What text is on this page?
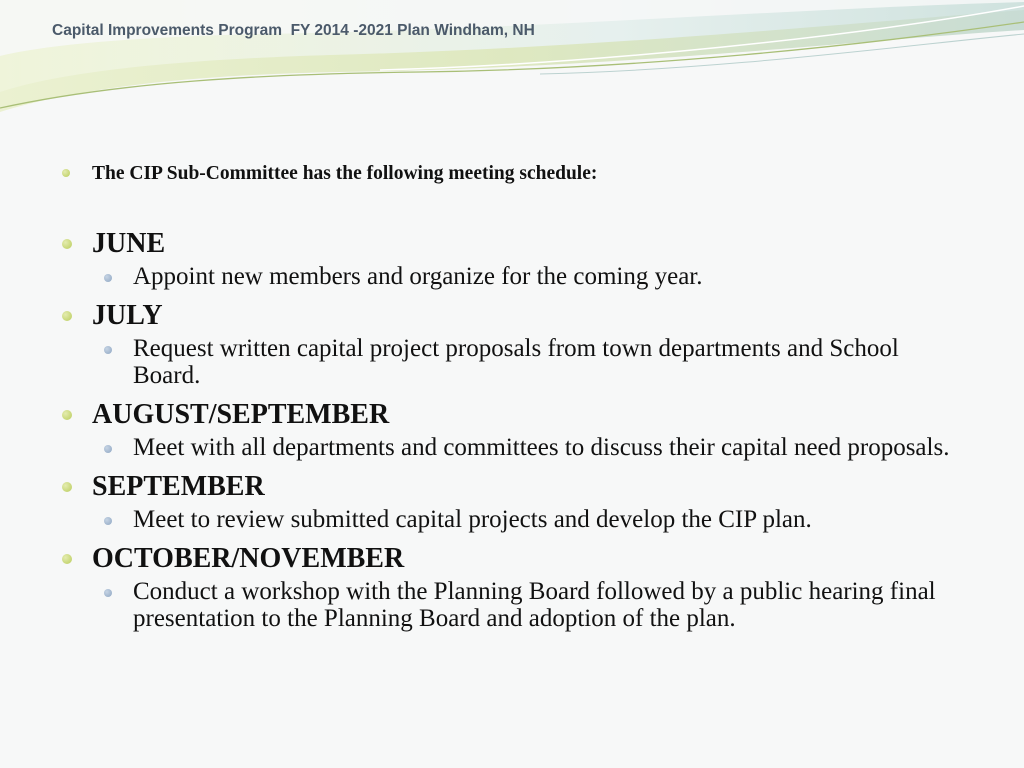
Capital Improvements Program  FY 2014 -2021 Plan Windham, NH
The CIP Sub-Committee has the following meeting schedule:
JUNE
Appoint new members and organize for the coming year.
JULY
Request written capital project proposals from town departments and School Board.
AUGUST/SEPTEMBER
Meet with all departments and committees to discuss their capital need proposals.
SEPTEMBER
Meet to review submitted capital projects and develop the CIP plan.
OCTOBER/NOVEMBER
Conduct a workshop with the Planning Board followed by a public hearing final presentation to the Planning Board and adoption of the plan.
